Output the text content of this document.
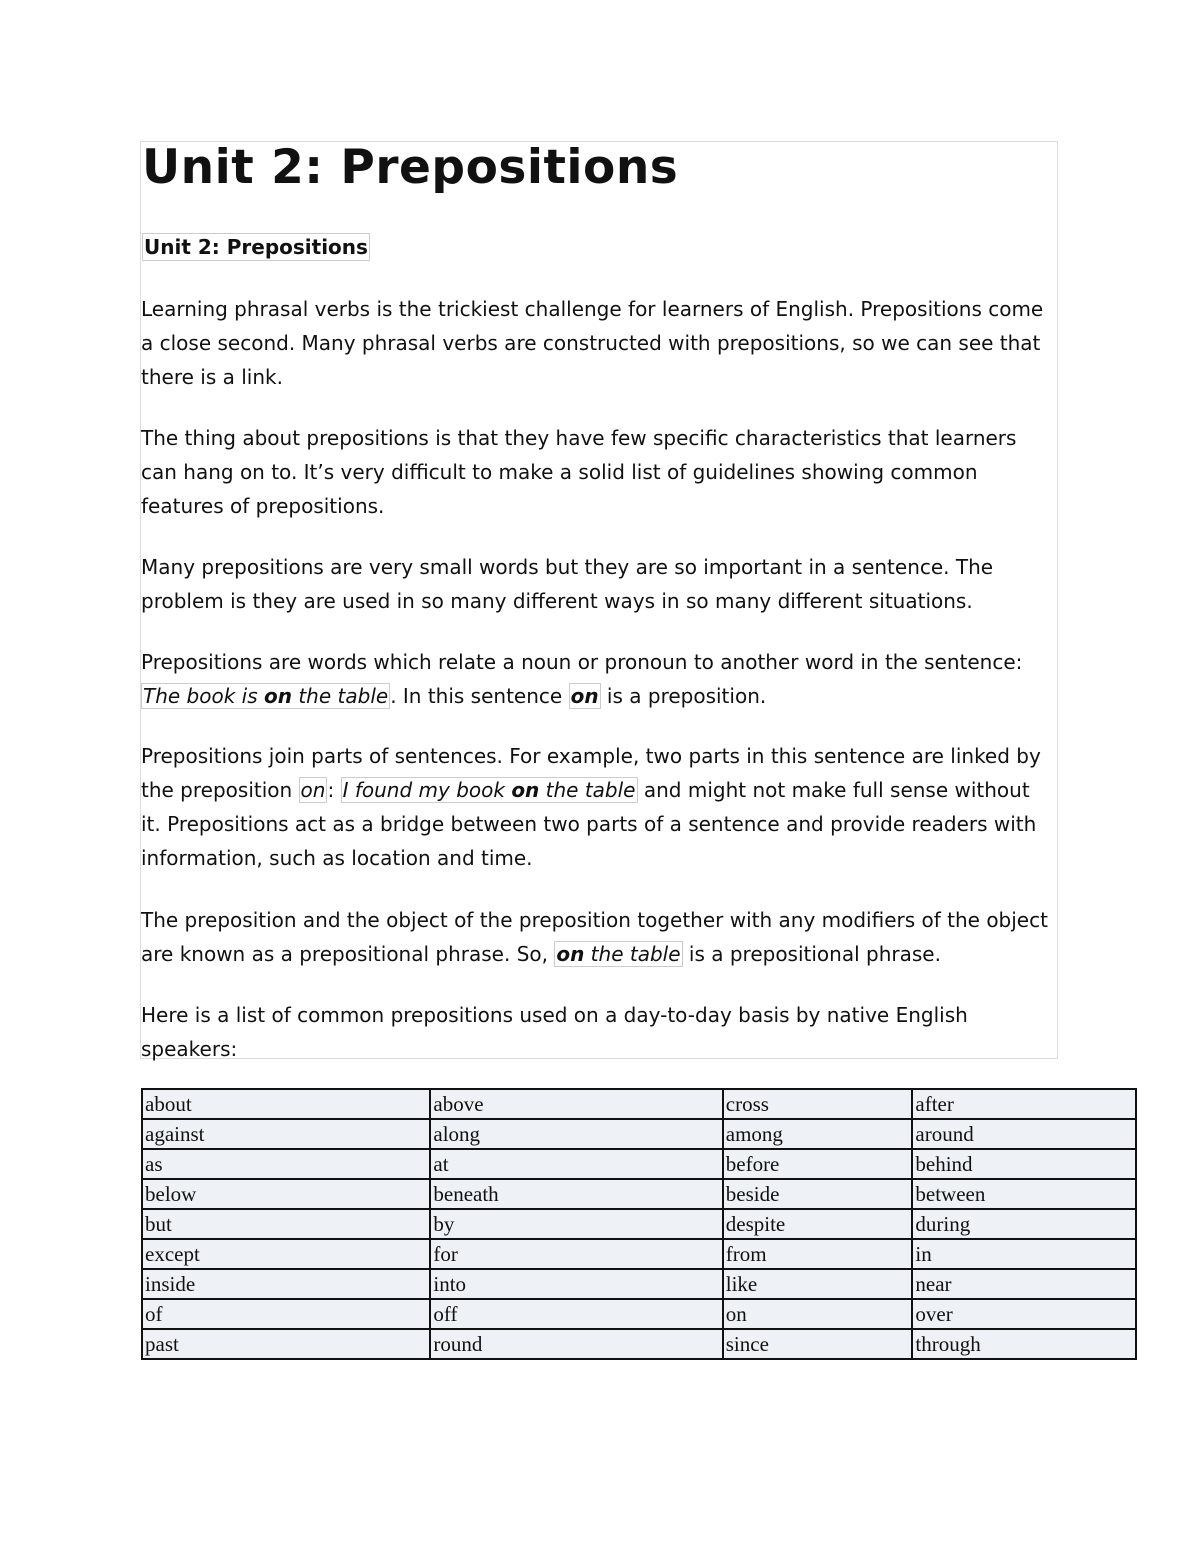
Unit 2: Prepositions
Unit 2: Prepositions

Learning phrasal verbs is the trickiest challenge for learners of English. Prepositions come a close second. Many phrasal verbs are constructed with prepositions, so we can see that there is a link.

The thing about prepositions is that they have few specific characteristics that learners can hang on to. It’s very difficult to make a solid list of guidelines showing common features of prepositions.

Many prepositions are very small words but they are so important in a sentence. The problem is they are used in so many different ways in so many different situations.

Prepositions are words which relate a noun or pronoun to another word in the sentence: The book is on the table . In this sentence on is a preposition.

Prepositions join parts of sentences. For example, two parts in this sentence are linked by the preposition on : I found my book on the table and might not make full sense without it. Prepositions act as a bridge between two parts of a sentence and provide readers with information, such as location and time.

The preposition and the object of the preposition together with any modifiers of the object are known as a prepositional phrase. So, on the table is a prepositional phrase.

Here is a list of common prepositions used on a day-to-day basis by native English speakers:

about	above	cross	after
against	along	among	around
as	at	before	behind
below	beneath	beside	between
but	by	despite	during
except	for	from	in
inside	into	like	near
of	off	on	over
past	round	since	through
